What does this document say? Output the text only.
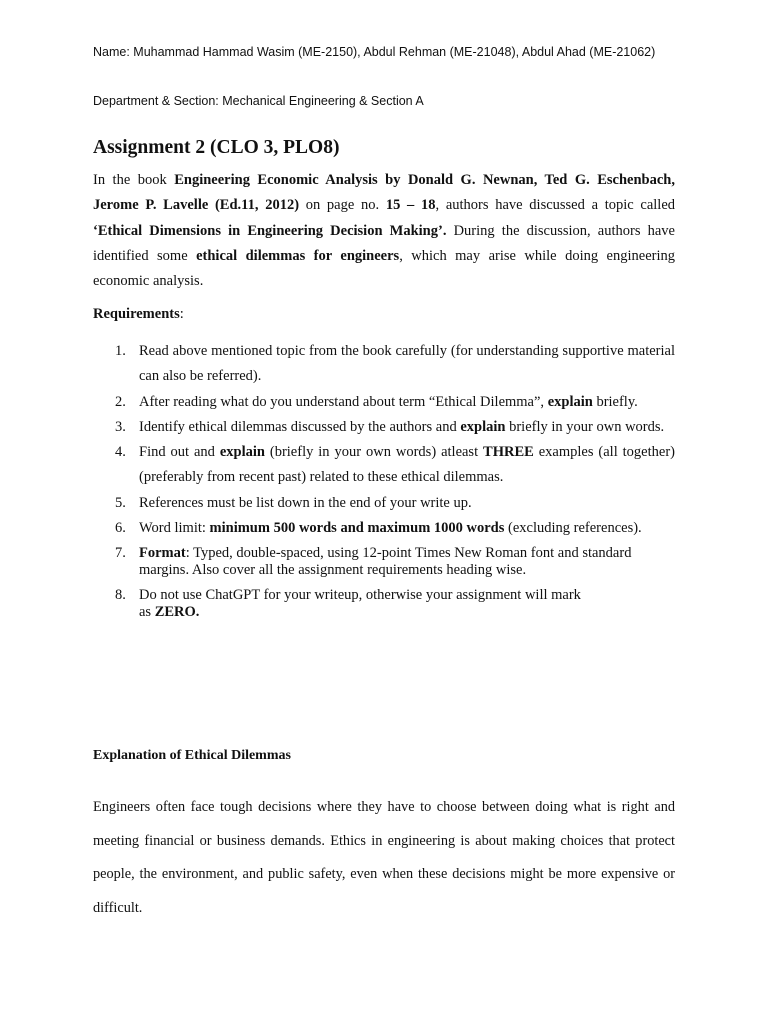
Name: Muhammad Hammad Wasim (ME-2150), Abdul Rehman (ME-21048), Abdul Ahad (ME-21062)
Department & Section: Mechanical Engineering & Section A
Assignment 2 (CLO 3, PLO8)

In the book Engineering Economic Analysis by Donald G. Newnan, Ted G. Eschenbach, Jerome P. Lavelle (Ed.11, 2012) on page no. 15 – 18, authors have discussed a topic called ‘Ethical Dimensions in Engineering Decision Making’. During the discussion, authors have identified some ethical dilemmas for engineers, which may arise while doing engineering economic analysis.

Requirements:

1. Read above mentioned topic from the book carefully (for understanding supportive material can also be referred).
2. After reading what do you understand about term “Ethical Dilemma”, explain briefly.
3. Identify ethical dilemmas discussed by the authors and explain briefly in your own words.
4. Find out and explain (briefly in your own words) atleast THREE examples (all together) (preferably from recent past) related to these ethical dilemmas.
5. References must be list down in the end of your write up.
6. Word limit: minimum 500 words and maximum 1000 words (excluding references).
7. Format: Typed, double-spaced, using 12-point Times New Roman font and standard margins. Also cover all the assignment requirements heading wise.
8. Do not use ChatGPT for your writeup, otherwise your assignment will mark
as ZERO.

Explanation of Ethical Dilemmas

Engineers often face tough decisions where they have to choose between doing what is right and meeting financial or business demands. Ethics in engineering is about making choices that protect people, the environment, and public safety, even when these decisions might be more expensive or difficult.
